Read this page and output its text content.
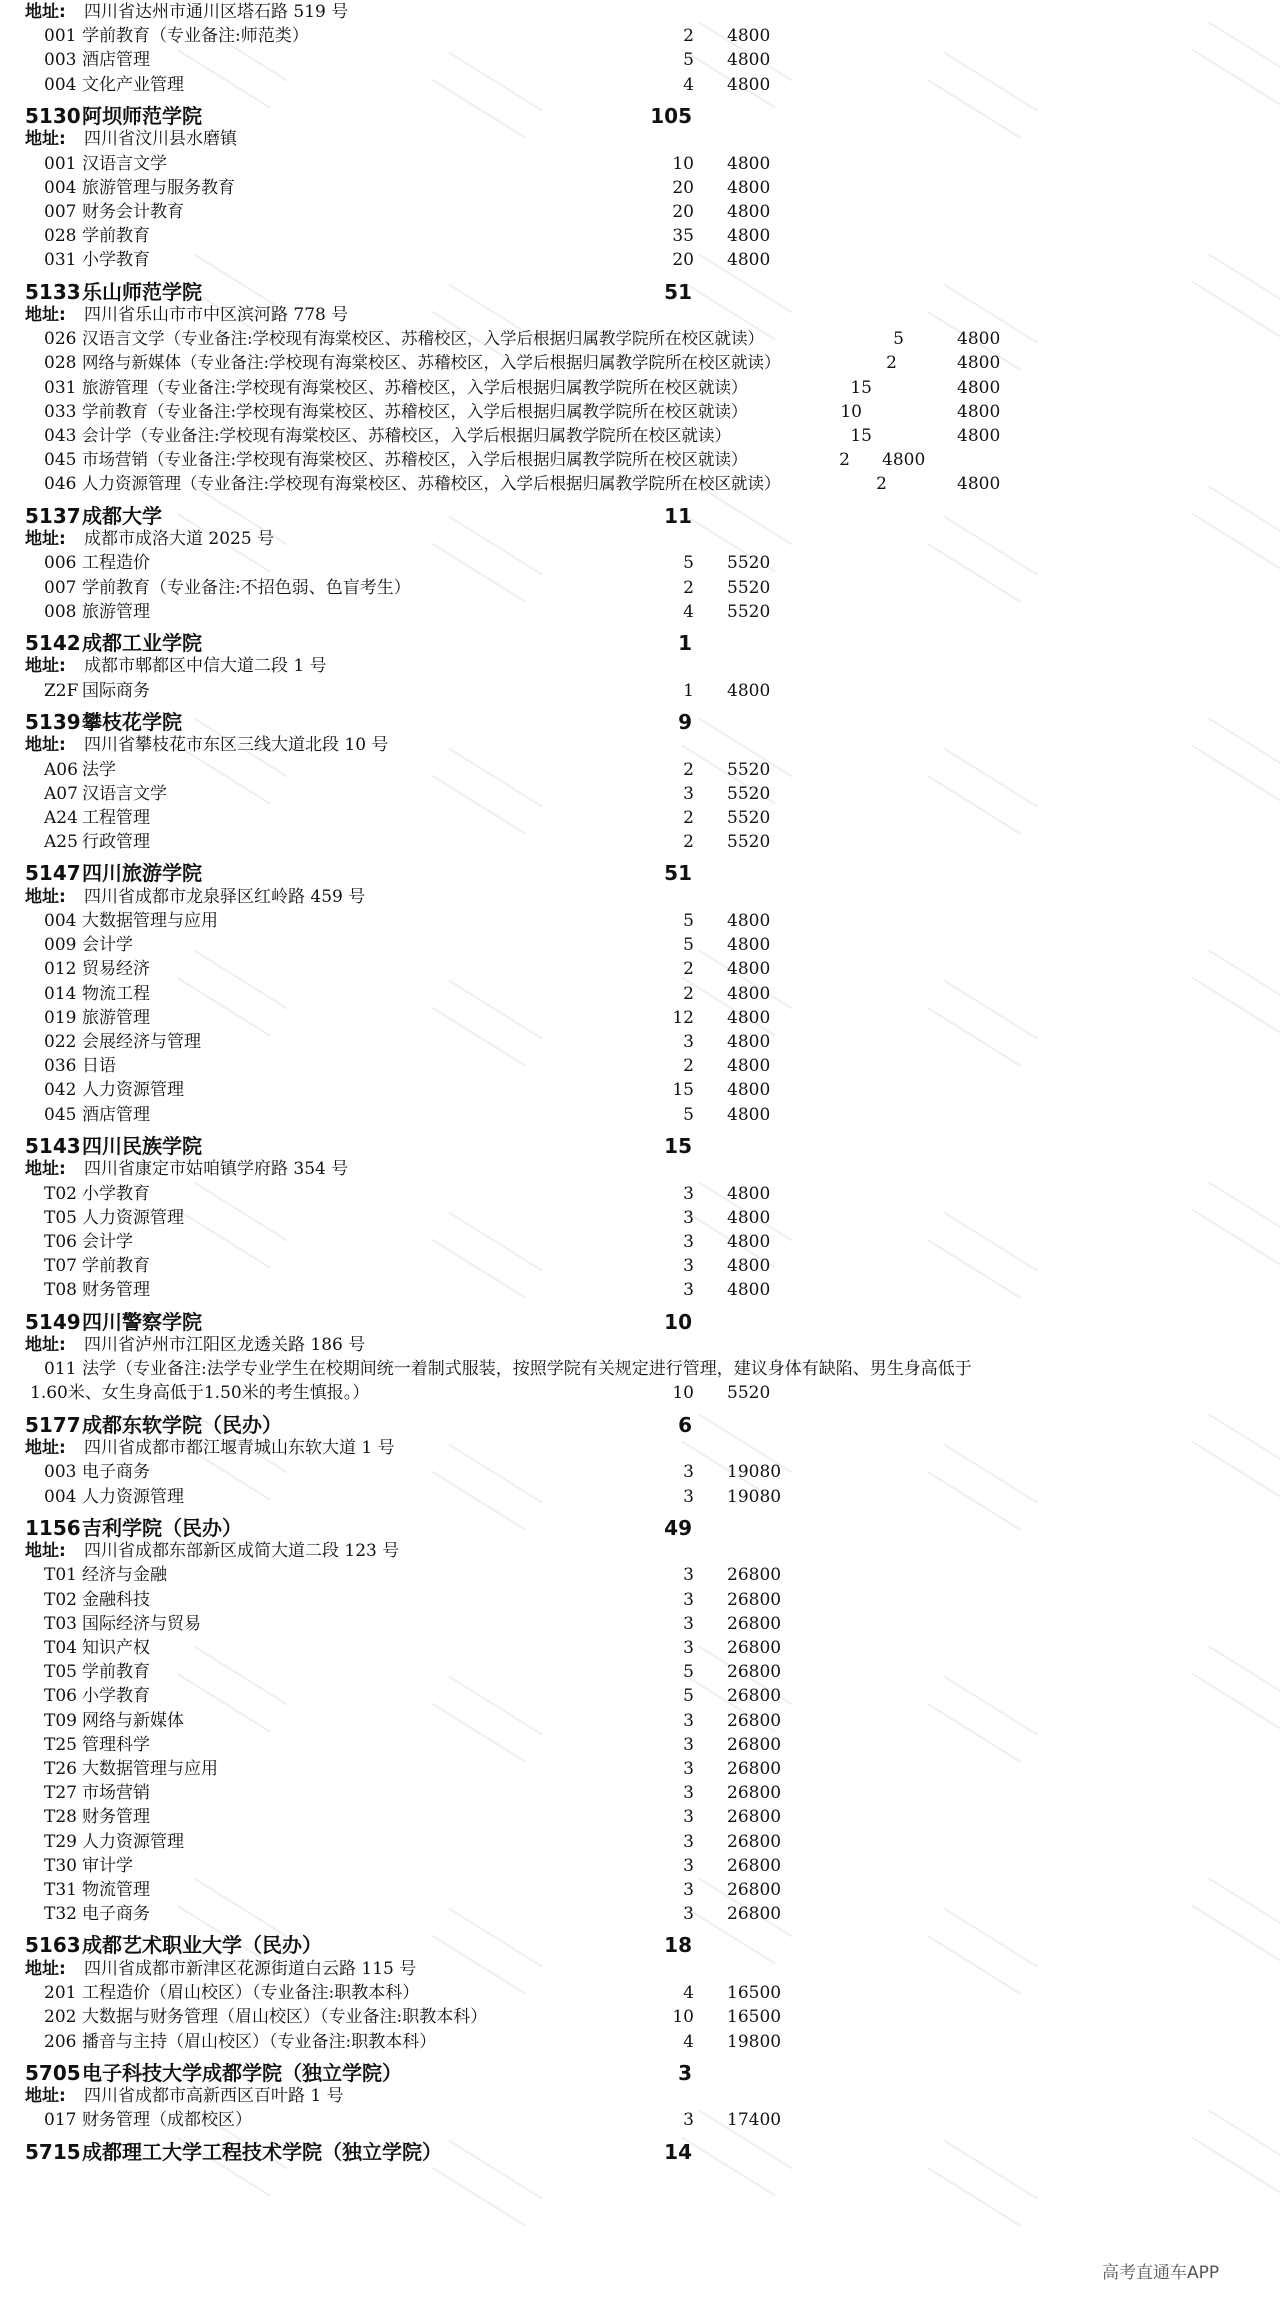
地址: 四川省达州市通川区塔石路 519 号
001 学前教育（专业备注:师范类）	2 4800
003 酒店管理	5 4800
004 文化产业管理	4 4800
5130 阿坝师范学院	105
地址: 四川省汶川县水磨镇
001 汉语言文学	10 4800
004 旅游管理与服务教育	20 4800
007 财务会计教育	20 4800
028 学前教育	35 4800
031 小学教育	20 4800
5133 乐山师范学院	51
地址: 四川省乐山市市中区滨河路 778 号
026 汉语言文学（专业备注:学校现有海棠校区、苏稽校区，入学后根据归属教学院所在校区就读）	5	4800
028 网络与新媒体（专业备注:学校现有海棠校区、苏稽校区，入学后根据归属教学院所在校区就读）	2	4800
031 旅游管理（专业备注:学校现有海棠校区、苏稽校区，入学后根据归属教学院所在校区就读）	15	4800
033 学前教育（专业备注:学校现有海棠校区、苏稽校区，入学后根据归属教学院所在校区就读）	10	4800
043 会计学（专业备注:学校现有海棠校区、苏稽校区，入学后根据归属教学院所在校区就读）	15	4800
045 市场营销（专业备注:学校现有海棠校区、苏稽校区，入学后根据归属教学院所在校区就读）	2 4800
046 人力资源管理（专业备注:学校现有海棠校区、苏稽校区，入学后根据归属教学院所在校区就读）	2	4800
5137 成都大学	11
地址: 成都市成洛大道 2025 号
006 工程造价	5 5520
007 学前教育（专业备注:不招色弱、色盲考生）	2 5520
008 旅游管理	4 5520
5142 成都工业学院	1
地址: 成都市郫都区中信大道二段 1 号
Z2F 国际商务	1 4800
5139 攀枝花学院	9
地址: 四川省攀枝花市东区三线大道北段 10 号
A06 法学	2 5520
A07 汉语言文学	3 5520
A24 工程管理	2 5520
A25 行政管理	2 5520
5147 四川旅游学院	51
地址: 四川省成都市龙泉驿区红岭路 459 号
004 大数据管理与应用	5 4800
009 会计学	5 4800
012 贸易经济	2 4800
014 物流工程	2 4800
019 旅游管理	12 4800
022 会展经济与管理	3 4800
036 日语	2 4800
042 人力资源管理	15 4800
045 酒店管理	5 4800
5143 四川民族学院	15
地址: 四川省康定市姑咱镇学府路 354 号
T02 小学教育	3 4800
T05 人力资源管理	3 4800
T06 会计学	3 4800
T07 学前教育	3 4800
T08 财务管理	3 4800
5149 四川警察学院	10
地址: 四川省泸州市江阳区龙透关路 186 号
011 法学（专业备注:法学专业学生在校期间统一着制式服装，按照学院有关规定进行管理，建议身体有缺陷、男生身高低于
1.60米、女生身高低于1.50米的考生慎报。）	10 5520
5177 成都东软学院（民办）	6
地址: 四川省成都市都江堰青城山东软大道 1 号
003 电子商务	3 19080
004 人力资源管理	3 19080
1156 吉利学院（民办）	49
地址: 四川省成都东部新区成简大道二段 123 号
T01 经济与金融	3 26800
T02 金融科技	3 26800
T03 国际经济与贸易	3 26800
T04 知识产权	3 26800
T05 学前教育	5 26800
T06 小学教育	5 26800
T09 网络与新媒体	3 26800
T25 管理科学	3 26800
T26 大数据管理与应用	3 26800
T27 市场营销	3 26800
T28 财务管理	3 26800
T29 人力资源管理	3 26800
T30 审计学	3 26800
T31 物流管理	3 26800
T32 电子商务	3 26800
5163 成都艺术职业大学（民办）	18
地址: 四川省成都市新津区花源街道白云路 115 号
201 工程造价（眉山校区）（专业备注:职教本科）	4 16500
202 大数据与财务管理（眉山校区）（专业备注:职教本科）	10 16500
206 播音与主持（眉山校区）（专业备注:职教本科）	4 19800
5705 电子科技大学成都学院（独立学院）	3
地址: 四川省成都市高新西区百叶路 1 号
017 财务管理（成都校区）	3 17400
5715 成都理工大学工程技术学院（独立学院）	14
高考直通车APP
